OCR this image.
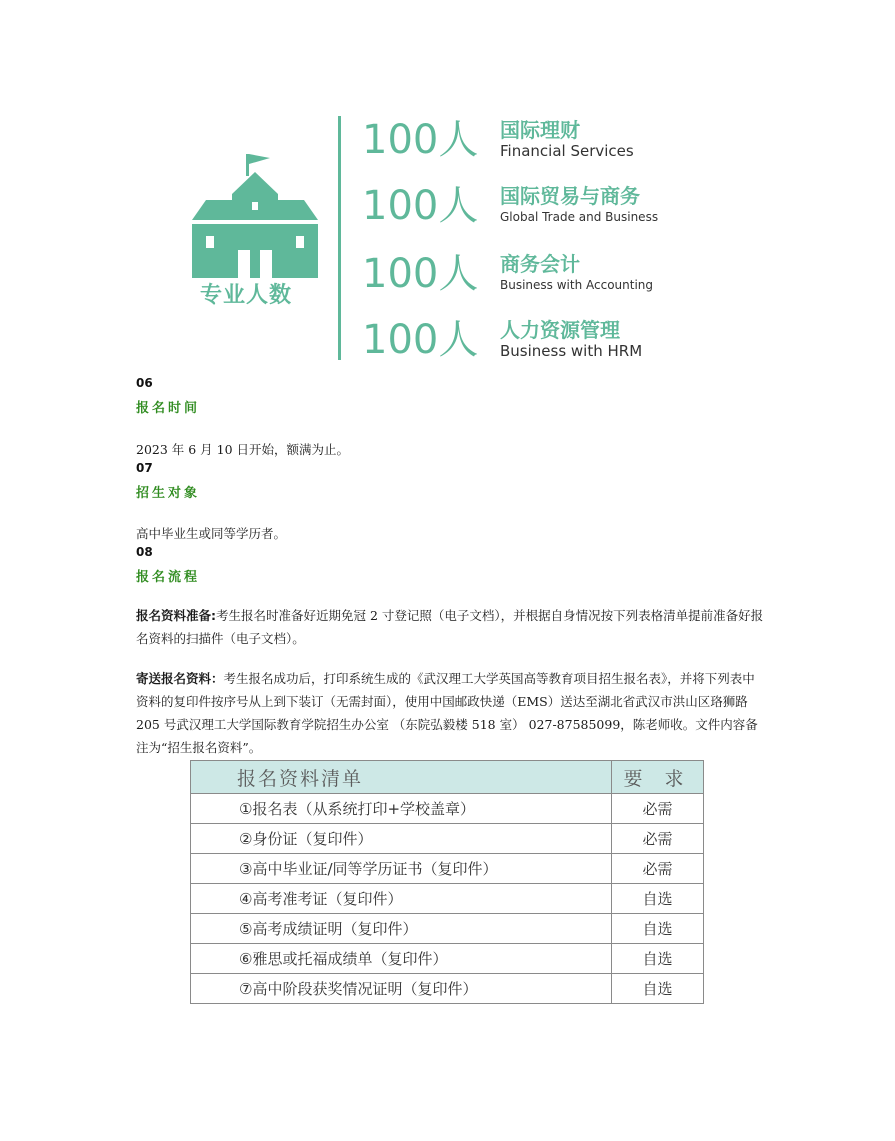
专业人数
100人 国际理财
Financial Services
100人 国际贸易与商务
Global Trade and Business
100人 商务会计
Business with Accounting
100人 人力资源管理
Business with HRM
06
报名时间
2023 年 6 月 10 日开始，额满为止。
07
招生对象
高中毕业生或同等学历者。
08
报名流程
报名资料准备:考生报名时准备好近期免冠 2 寸登记照（电子文档），并根据自身情况按下列表格清单提前准备好报名资料的扫描件（电子文档）。
寄送报名资料：考生报名成功后，打印系统生成的《武汉理工大学英国高等教育项目招生报名表》，并将下列表中资料的复印件按序号从上到下装订（无需封面），使用中国邮政快递（EMS）送达至湖北省武汉市洪山区珞狮路 205 号武汉理工大学国际教育学院招生办公室 （东院弘毅楼 518 室） 027-87585099，陈老师收。文件内容备注为“招生报名资料”。
报名资料清单	要 求
①报名表（从系统打印+学校盖章）	必需
②身份证（复印件）	必需
③高中毕业证/同等学历证书（复印件）	必需
④高考准考证（复印件）	自选
⑤高考成绩证明（复印件）	自选
⑥雅思或托福成绩单（复印件）	自选
⑦高中阶段获奖情况证明（复印件）	自选
